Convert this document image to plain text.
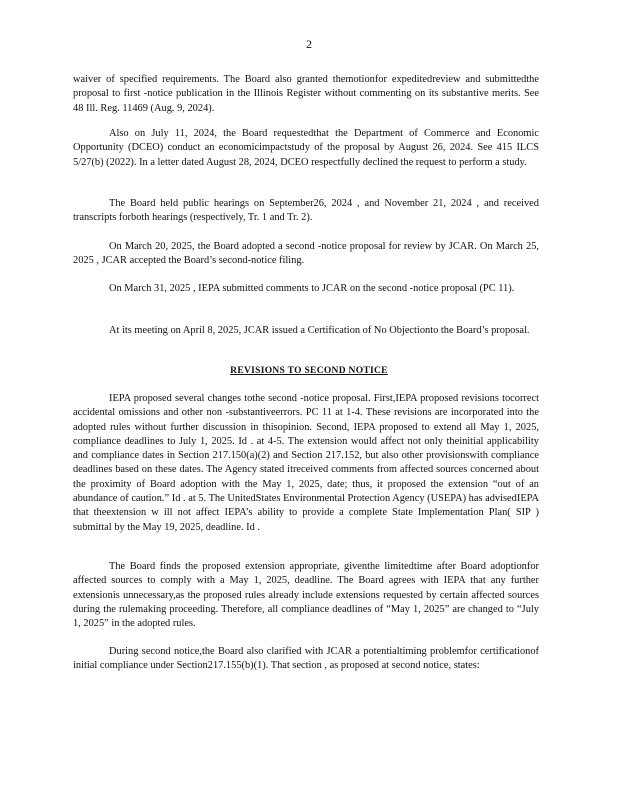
2

waiver of specified requirements. The Board also granted themotionfor expeditedreview and submittedthe proposal to first -notice publication in the Illinois Register without commenting on its substantive merits. See 48 Ill. Reg. 11469 (Aug. 9, 2024).

Also on July 11, 2024, the Board requestedthat the Department of Commerce and Economic Opportunity (DCEO) conduct an economicimpactstudy of the proposal by August 26, 2024. See 415 ILCS 5/27(b) (2022). In a letter dated August 28, 2024, DCEO respectfully declined the request to perform a study.

The Board held public hearings on September26, 2024 , and November 21, 2024 , and received transcripts forboth hearings (respectively, Tr. 1 and Tr. 2).

On March 20, 2025, the Board adopted a second -notice proposal for review by JCAR. On March 25, 2025 , JCAR accepted the Board’s second-notice filing.

On March 31, 2025 , IEPA submitted comments to JCAR on the second -notice proposal (PC 11).

At its meeting on April 8, 2025, JCAR issued a Certification of No Objectionto the Board’s proposal.

REVISIONS TO SECOND NOTICE

IEPA proposed several changes tothe second -notice proposal. First,IEPA proposed revisions tocorrect accidental omissions and other non -substantiveerrors. PC 11 at 1-4. These revisions are incorporated into the adopted rules without further discussion in thisopinion. Second, IEPA proposed to extend all May 1, 2025, compliance deadlines to July 1, 2025. Id . at 4-5. The extension would affect not only theinitial applicability and compliance dates in Section 217.150(a)(2) and Section 217.152, but also other provisionswith compliance deadlines based on these dates. The Agency stated itreceived comments from affected sources concerned about the proximity of Board adoption with the May 1, 2025, date; thus, it proposed the extension “out of an abundance of caution.” Id . at 5. The UnitedStates Environmental Protection Agency (USEPA) has advisedIEPA that theextension w ill not affect IEPA’s ability to provide a complete State Implementation Plan( SIP ) submittal by the May 19, 2025, deadline. Id .

The Board finds the proposed extension appropriate, giventhe limitedtime after Board adoptionfor affected sources to comply with a May 1, 2025, deadline. The Board agrees with IEPA that any further extensionis unnecessary,as the proposed rules already include extensions requested by certain affected sources during the rulemaking proceeding. Therefore, all compliance deadlines of “May 1, 2025” are changed to “July 1, 2025” in the adopted rules.

During second notice,the Board also clarified with JCAR a potentialtiming problemfor certificationof initial compliance under Section217.155(b)(1). That section , as proposed at second notice, states:
